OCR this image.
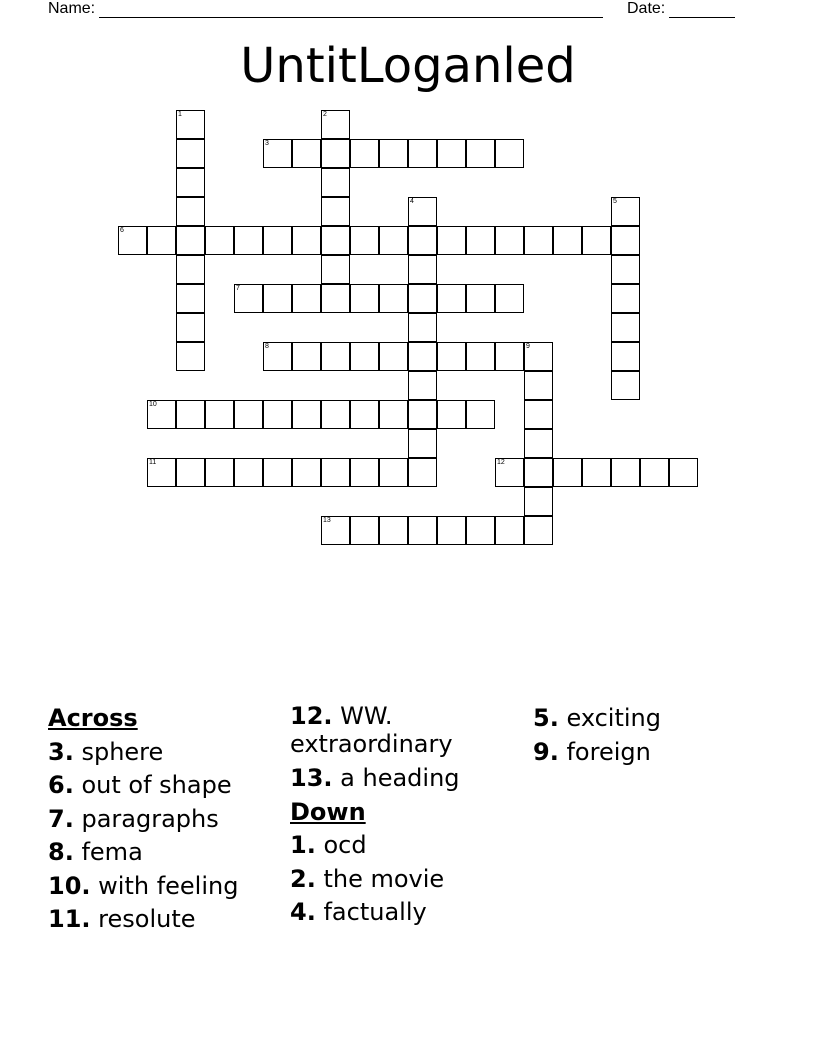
Name:	Date:
UntitLoganled
1	2
3
4	5
6
7
8	9
10
11	12
13
Across
3. sphere
6. out of shape
7. paragraphs
8. fema
10. with feeling
11. resolute
12. WW. extraordinary
13. a heading
Down
1. ocd
2. the movie
4. factually
5. exciting
9. foreign
